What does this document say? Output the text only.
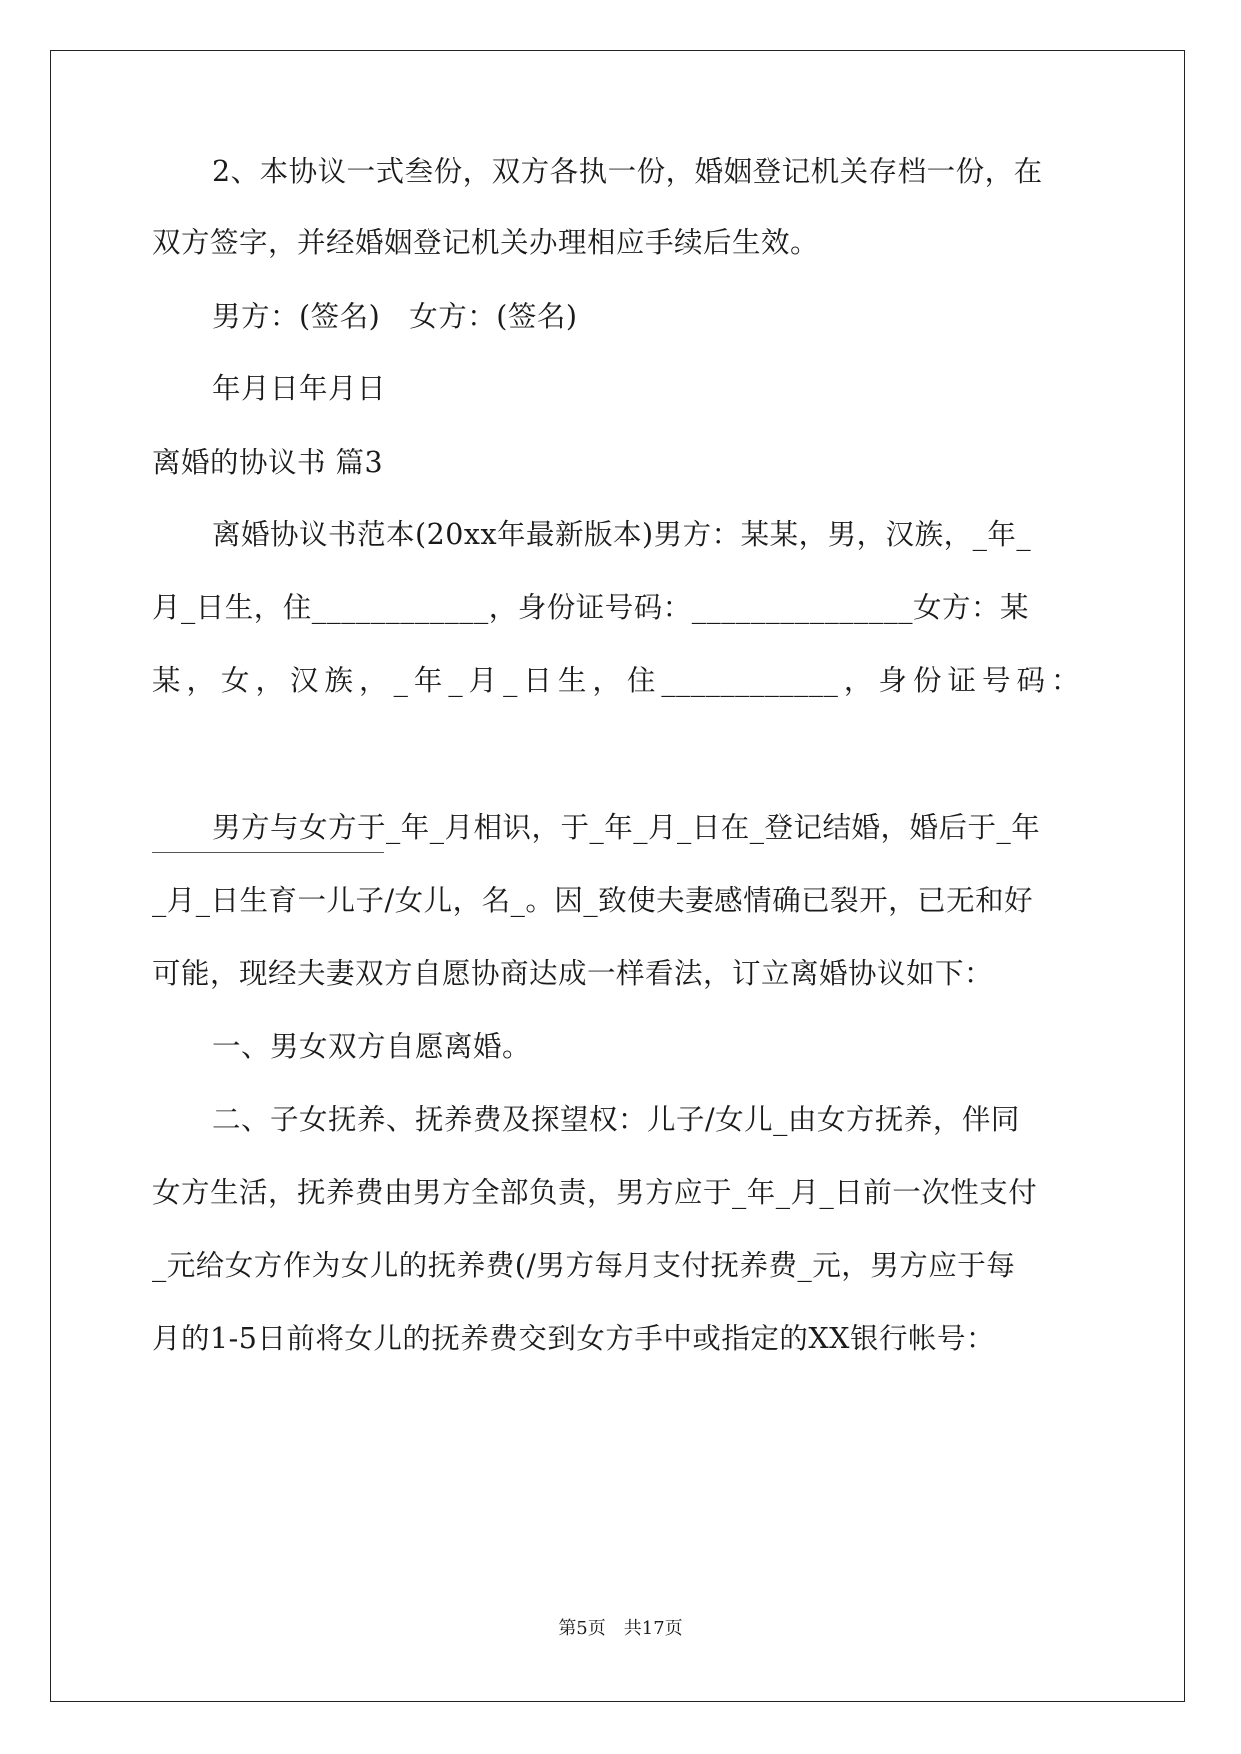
2、本协议一式叁份，双方各执一份，婚姻登记机关存档一份，在
双方签字，并经婚姻登记机关办理相应手续后生效。
男方：(签名)　女方：(签名)
年月日年月日
离婚的协议书 篇3
离婚协议书范本(20xx年最新版本)男方：某某，男，汉族，_年_
月_日生，住____________，身份证号码：_______________女方：某
某，女，汉族，_年_月_日生，住____________，身份证号码：
男方与女方于_年_月相识，于_年_月_日在_登记结婚，婚后于_年
_月_日生育一儿子/女儿，名_。因_致使夫妻感情确已裂开，已无和好
可能，现经夫妻双方自愿协商达成一样看法，订立离婚协议如下：
一、男女双方自愿离婚。
二、子女抚养、抚养费及探望权：儿子/女儿_由女方抚养，伴同
女方生活，抚养费由男方全部负责，男方应于_年_月_日前一次性支付
_元给女方作为女儿的抚养费(/男方每月支付抚养费_元，男方应于每
月的1-5日前将女儿的抚养费交到女方手中或指定的XX银行帐号：
第5页　共17页
